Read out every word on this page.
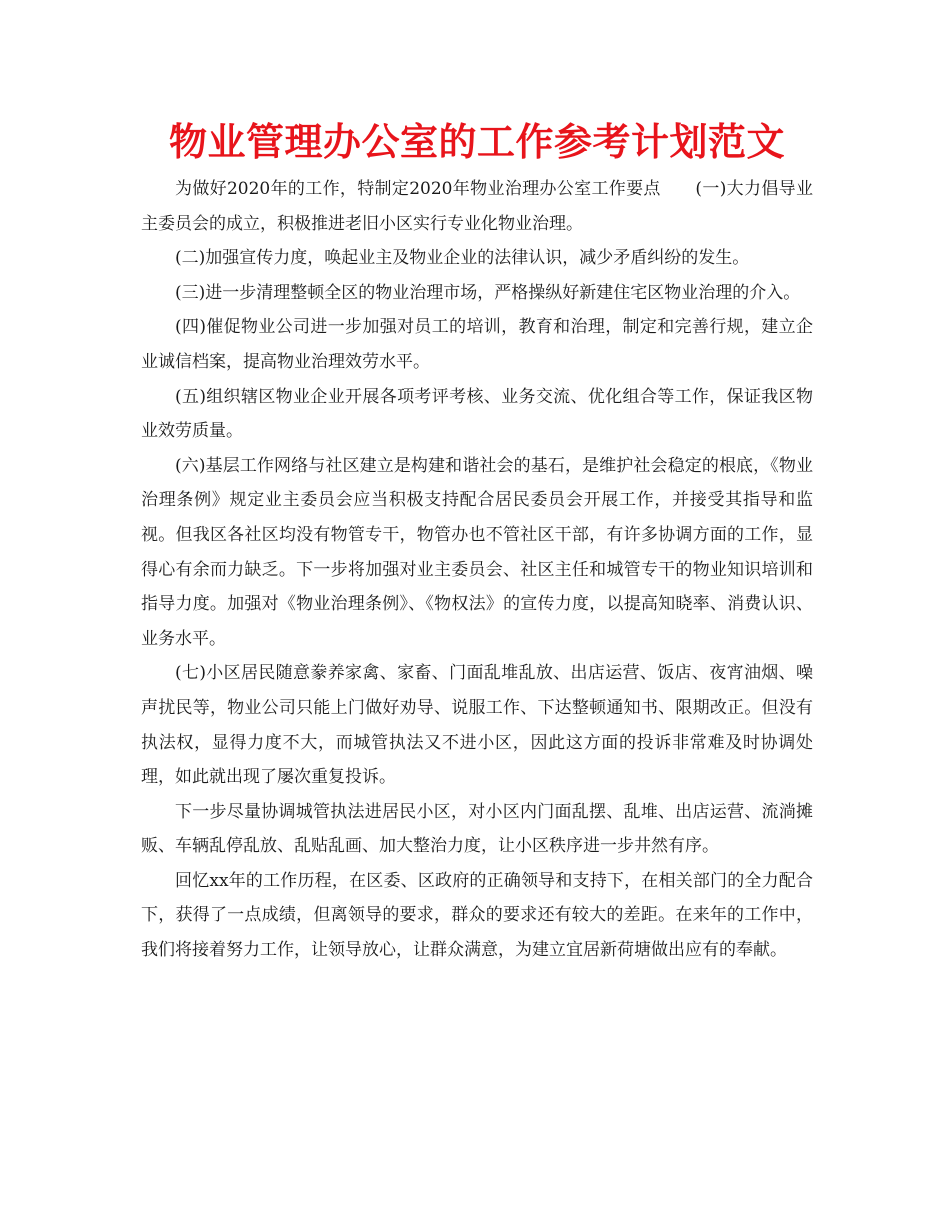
物业管理办公室的工作参考计划范文

为做好2020年的工作，特制定2020年物业治理办公室工作要点　　(一)大力倡导业主委员会的成立，积极推进老旧小区实行专业化物业治理。

(二)加强宣传力度，唤起业主及物业企业的法律认识，减少矛盾纠纷的发生。

(三)进一步清理整顿全区的物业治理市场，严格操纵好新建住宅区物业治理的介入。

(四)催促物业公司进一步加强对员工的培训，教育和治理，制定和完善行规，建立企业诚信档案，提高物业治理效劳水平。

(五)组织辖区物业企业开展各项考评考核、业务交流、优化组合等工作，保证我区物业效劳质量。

(六)基层工作网络与社区建立是构建和谐社会的基石，是维护社会稳定的根底，《物业治理条例》规定业主委员会应当积极支持配合居民委员会开展工作，并接受其指导和监视。但我区各社区均没有物管专干，物管办也不管社区干部，有许多协调方面的工作，显得心有余而力缺乏。下一步将加强对业主委员会、社区主任和城管专干的物业知识培训和指导力度。加强对《物业治理条例》、《物权法》的宣传力度，以提高知晓率、消费认识、业务水平。

(七)小区居民随意豢养家禽、家畜、门面乱堆乱放、出店运营、饭店、夜宵油烟、噪声扰民等，物业公司只能上门做好劝导、说服工作、下达整顿通知书、限期改正。但没有执法权，显得力度不大，而城管执法又不进小区，因此这方面的投诉非常难及时协调处理，如此就出现了屡次重复投诉。

下一步尽量协调城管执法进居民小区，对小区内门面乱摆、乱堆、出店运营、流淌摊贩、车辆乱停乱放、乱贴乱画、加大整治力度，让小区秩序进一步井然有序。

回忆xx年的工作历程，在区委、区政府的正确领导和支持下，在相关部门的全力配合下，获得了一点成绩，但离领导的要求，群众的要求还有较大的差距。在来年的工作中，我们将接着努力工作，让领导放心，让群众满意，为建立宜居新荷塘做出应有的奉献。
